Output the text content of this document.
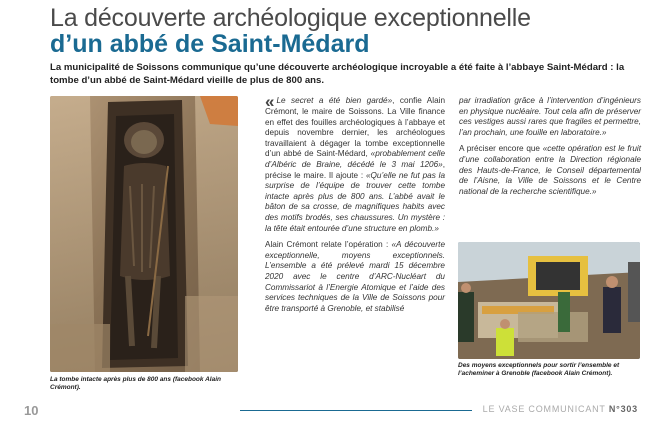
La découverte archéologique exceptionnelle
d’un abbé de Saint-Médard
La municipalité de Soissons communique qu’une découverte archéologique incroyable a été faite à l’abbaye Saint-Médard : la tombe d’un abbé de Saint-Médard vieille de plus de 800 ans.
La tombe intacte après plus de 800 ans (facebook Alain Crémont).

« Le secret a été bien gardé», confie Alain Crémont, le maire de Soissons. La Ville finance en effet des fouilles archéologiques à l’abbaye et depuis novembre dernier, les archéologues travaillaient à dégager la tombe exceptionnelle d’un abbé de Saint-Médard, «probablement celle d’Albéric de Braine, décédé le 3 mai 1206», précise le maire. Il ajoute : «Qu’elle ne fut pas la surprise de l’équipe de trouver cette tombe intacte après plus de 800 ans. L’abbé avait le bâton de sa crosse, de magnifiques habits avec des motifs brodés, ses chaussures. Un mystère : la tête était entourée d’une structure en plomb.»

Alain Crémont relate l’opération : «A découverte exceptionnelle, moyens exceptionnels. L’ensemble a été prélevé mardi 15 décembre 2020 avec le centre d’ARC-Nucléart du Commissariot à l’Energie Atomique et l’aide des services techniques de la Ville de Soissons pour être transporté à Grenoble, et stabilisé

par irradiation grâce à l’intervention d’ingénieurs en physique nucléaire. Tout cela afin de préserver ces vestiges aussi rares que fragiles et permettre, l’an prochain, une fouille en laboratoire.»

A préciser encore que «cette opération est le fruit d’une collaboration entre la Direction régionale des Hauts-de-France, le Conseil départemental de l’Aisne, la Ville de Soissons et le Centre national de la recherche scientifique.»

Des moyens exceptionnels pour sortir l’ensemble et l’acheminer à Grenoble (facebook Alain Crémont).
10	LE VASE COMMUNICANT N°303
